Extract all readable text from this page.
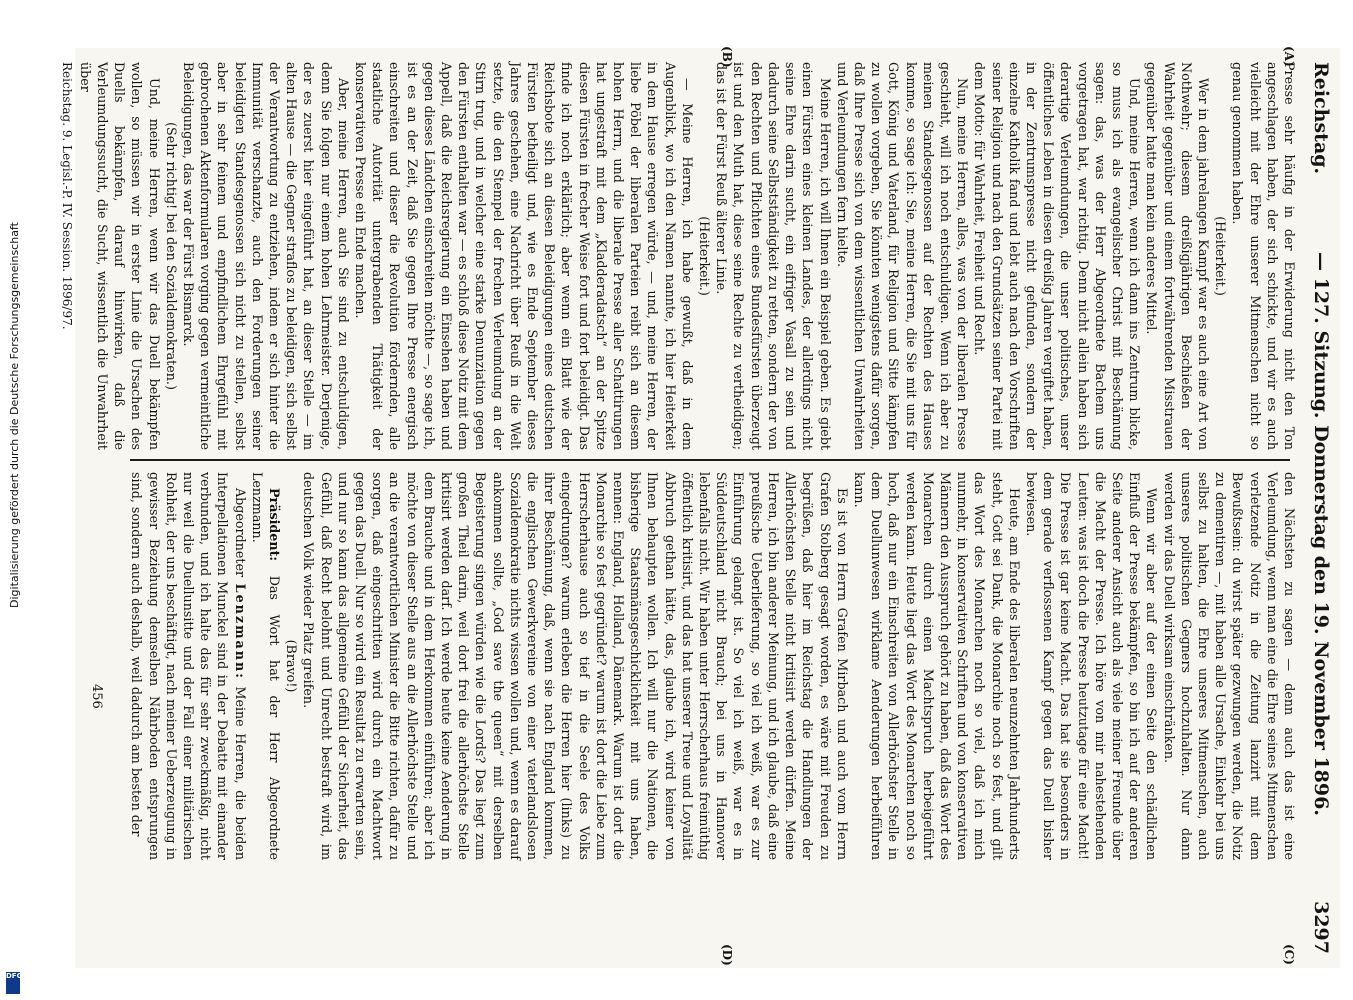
Reichstag.
— 127. Sitzung. Donnerstag den 19. November 1896.
3297
(A)
(B)
(C)
(D)

Presse sehr häufig in der Erwiderung nicht den Ton angeschlagen haben, der sich schickte, und wir es auch vielleicht mit der Ehre unserer Mitmenschen nicht so genau genommen haben.

(Heiterkeit.)

Wer in dem jahrelangen Kampf war es auch eine Art von Nothwehr; diesem dreißigjährigen Beschießen der Wahrheit gegenüber und einem fortwährenden Misstrauen gegenüber hatte man kein anderes Mittel.

Und, meine Herren, wenn ich dann ins Zentrum blicke, so muss ich als evangelischer Christ mit Beschämung sagen: das, was der Herr Abgeordnete Bachem uns vorgetragen hat, war richtig. Denn nicht allein haben sich derartige Verleumdungen, die unser politisches, unser öffentliches Leben in diesen dreißig Jahren vergiftet haben, in der Zentrumspresse nicht gefunden, sondern der einzelne Katholik fand und lebt auch nach den Vorschriften seiner Religion und nach den Grundsätzen seiner Partei mit dem Motto: für Wahrheit, Freiheit und Recht.

Nun, meine Herren, alles, was von der liberalen Presse geschieht, will ich noch entschuldigen. Wenn ich aber zu meinen Standesgenossen auf der Rechten des Hauses komme, so sage ich: Sie, meine Herren, die Sie mit uns für Gott, König und Vaterland, für Religion und Sitte kämpfen zu wollen vorgeben, Sie könnten wenigstens dafür sorgen, daß Ihre Presse sich von dem wissentlichen Unwahrheiten und Verleumdungen fern hielte.

Meine Herren, ich will Ihnen ein Beispiel geben. Es giebt einen Fürsten eines kleinen Landes, der allerdings nicht seine Ehre darin sucht, ein eifriger Vasall zu sein und dadurch seine Selbstständigkeit zu retten, sondern der von den Rechten und Pflichten eines Bundesfürsten überzeugt ist und den Muth hat, diese seine Rechte zu vertheidigen; das ist der Fürst Reuß älterer Linie.

(Heiterkeit.)

— Meine Herren, ich habe gewußt, daß in dem Augenblick, wo ich den Namen nannte, ich hier Heiterkeit in dem Hause erregen würde, — und, meine Herren, der liebe Pöbel der liberalen Parteien reibt sich an diesem hohen Herrn, und die liberale Presse aller Schattirungen hat ungestraft mit dem „Kladderadatsch“ an der Spitze diesen Fürsten in frecher Weise fort und fort beleidigt. Das finde ich noch erklärlich; aber wenn ein Blatt wie der Reichsbote sich an diesen Beleidigungen eines deutschen Fürsten betheiligt und, wie es Ende September dieses Jahres geschehen, eine Nachricht über Reuß in die Welt setzte, die den Stempel der frechen Verleumdung an der Stirn trug, und in welcher eine starke Denunziation gegen den Fürsten enthalten war — es schloß diese Notiz mit dem Appell, daß die Reichsregierung ein Einsehen haben und gegen dieses Ländchen einschreiten möchte —, so sage ich, ist es an der Zeit, daß Sie gegen Ihre Presse energisch einschreiten und dieser die Revolution fördernden, alle staatliche Autorität untergrabenden Thätigkeit der konservativen Presse ein Ende machen.

Aber, meine Herren, auch Sie sind zu entschuldigen, denn Sie folgen nur einem hohen Lehrmeister. Derjenige, der es zuerst hier eingeführt hat, an dieser Stelle — im alten Hause — die Gegner straflos zu beleidigen, sich selbst der Verantwortung zu entziehen, indem er sich hinter die Immunität verschanzte, auch den Forderungen seiner beleidigten Standesgenossen sich nicht zu stellen, selbst aber in sehr feinem und empfindlichem Ehrgefühl mit gebrochenen Aktenformularen vorging gegen vermeintliche Beleidigungen, das war der Fürst Bismarck.

(Sehr richtig! bei den Sozialdemokraten.)

Und, meine Herren, wenn wir das Duell bekämpfen wollen, so müssen wir in erster Linie die Ursachen des Duells bekämpfen, darauf hinwirken, daß die Verleumdungssucht, die Sucht, wissentlich die Unwahrheit über

Reichstag. 9. Legisl.-P. IV. Session. 1896/97.

den Nächsten zu sagen — denn auch das ist eine Verleumdung, wenn man eine die Ehre seines Mitmenschen verletzende Notiz in die Zeitung lanzirt mit dem Bewußtsein: du wirst später gezwungen werden, die Notiz zu dementiren —, mit haben alle Ursache, Einkehr bei uns selbst zu halten, die Ehre unseres Mitmenschen, auch unseres politischen Gegners hochzuhalten. Nur dann werden wir das Duell wirksam einschränken.

Wenn wir aber auf der einen Seite den schädlichen Einfluß der Presse bekämpfen, so bin ich auf der anderen Seite anderer Ansicht auch als viele meiner Freunde über die Macht der Presse. Ich höre von mir nahestehenden Leuten: was ist doch die Presse heutzutage für eine Macht! Die Presse ist gar keine Macht. Das hat sie besonders in dem gerade verflossenen Kampf gegen das Duell bisher bewiesen.

Heute, am Ende des liberalen neunzehnten Jahrhunderts steht, Gott sei Dank, die Monarchie noch so fest, und gilt das Wort des Monarchen noch so viel, daß ich mich nunmehr, in konservativen Schriften und von konservativen Männern den Ausspruch gehört zu haben, daß das Wort des Monarchen durch einen Machtspruch herbeigeführt werden kann. Heute liegt das Wort des Monarchen noch so hoch, daß nur ein Einschreiten von Allerhöchster Stelle in dem Duellunwesen wirklame Aenderungen herbeiführen kann.

Es ist von Herrn Grafen Mirbach und auch vom Herrn Grafen Stolberg gesagt worden, es wäre mit Freuden zu begrüßen, daß hier im Reichstag die Handlungen der Allerhöchsten Stelle nicht kritisirt werden dürfen. Meine Herren, ich bin anderer Meinung, und ich glaube, daß eine preußische Ueberlieferung, so viel ich weiß, war es zur Einführung gelangt ist. So viel ich weiß, war es in Süddeutschland nicht Brauch; bei uns in Hannover lebenfalls nicht. Wir haben unter Herrscherhaus freimüthig öffentlich kritisirt, und das hat unserer Treue und Loyalität Abbruch gethan hätte, das, glaube ich, wird keiner von Ihnen behaupten wollen. Ich will nur die Nationen, die bisherige Staatsmänsgeschicklichkeit mit uns haben, nennen: England, Holland, Dänemark. Warum ist dort die Monarchie so fest gegründet? warum ist dort die Liebe zum Herrscherhause auch so tief in die Seele des Volks eingedrungen? warum erleben die Herren hier (links) zu ihrer Beschämung, daß, wenn sie nach England kommen, die englischen Gewerkvereine von einer vaterlandslosen Sozialdemokratie nichts wissen wollen und, wenn es darauf ankommen sollte, „God save the queen“ mit derselben Begeisterung singen würden wie die Lords? Das liegt zum großen Theil darin, weil dort frei die allerhöchste Stelle kritisirt werden darf. Ich werde heute keine Aenderung in dem Brauche und in dem Herkommen einführen; aber ich möchte von dieser Stelle aus an die Allerhöchste Stelle und an die verantwortlichen Minister die Bitte richten, dafür zu sorgen, daß eingeschritten wird durch ein Machtwort gegen das Duell. Nur so wird ein Resultat zu erwarten sein, und nur so kann das allgemeine Gefühl der Sicherheit, das Gefühl, daß Recht belohnt und Unrecht bestraft wird, im deutschen Volk wieder Platz greifen.

(Bravo!)

Präsident: Das Wort hat der Herr Abgeordnete Lenzmann.

Abgeordneter Lenzmann: Meine Herren, die beiden Interpellationen Munckel sind in der Debatte mit einander verbunden, und ich halte das für sehr zweckmäßig, nicht nur weil die Duellunsitte und der Fall einer militärischen Rohheit, der uns beschäftigt, nach meiner Ueberzeugung in gewisser Beziehung demselben Nährboden entsprungen sind, sondern auch deshalb, weil dadurch am besten der

456
Digitalisierung gefördert durch die Deutsche Forschungsgemeinschaft
DFG
